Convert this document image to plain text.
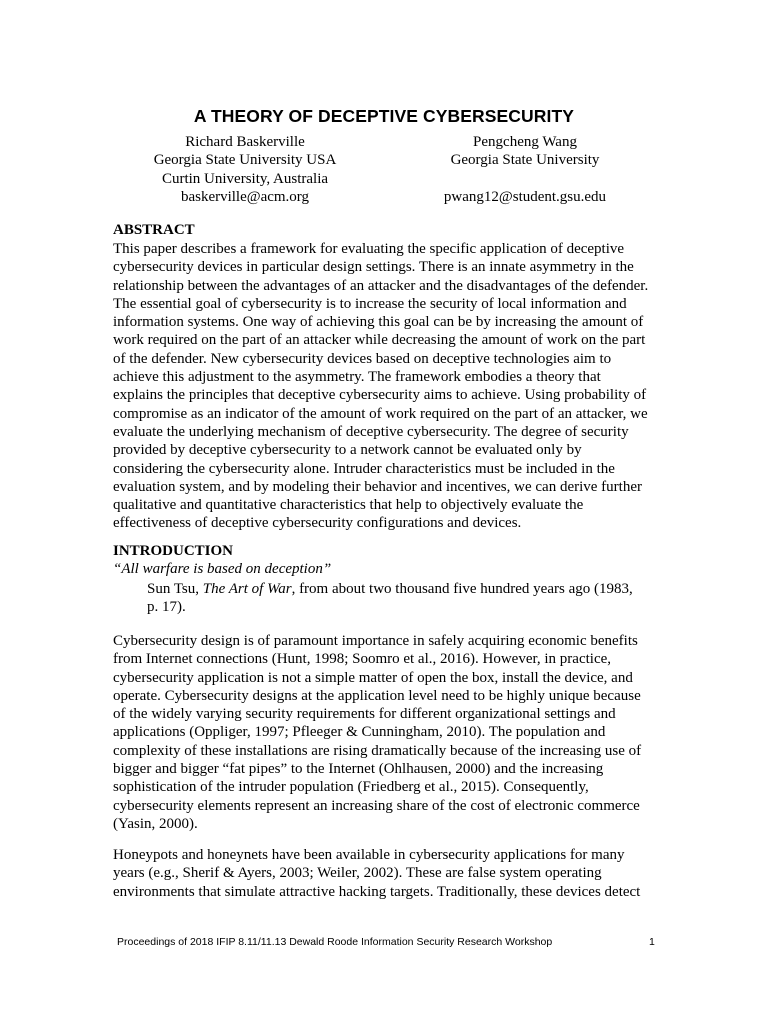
A THEORY OF DECEPTIVE CYBERSECURITY
Richard Baskerville
Georgia State University USA
Curtin University, Australia
baskerville@acm.org
Pengcheng Wang
Georgia State University

pwang12@student.gsu.edu
ABSTRACT
This paper describes a framework for evaluating the specific application of deceptive
cybersecurity devices in particular design settings. There is an innate asymmetry in the
relationship between the advantages of an attacker and the disadvantages of the defender.
The essential goal of cybersecurity is to increase the security of local information and
information systems. One way of achieving this goal can be by increasing the amount of
work required on the part of an attacker while decreasing the amount of work on the part
of the defender. New cybersecurity devices based on deceptive technologies aim to
achieve this adjustment to the asymmetry. The framework embodies a theory that
explains the principles that deceptive cybersecurity aims to achieve. Using probability of
compromise as an indicator of the amount of work required on the part of an attacker, we
evaluate the underlying mechanism of deceptive cybersecurity. The degree of security
provided by deceptive cybersecurity to a network cannot be evaluated only by
considering the cybersecurity alone. Intruder characteristics must be included in the
evaluation system, and by modeling their behavior and incentives, we can derive further
qualitative and quantitative characteristics that help to objectively evaluate the
effectiveness of deceptive cybersecurity configurations and devices.
INTRODUCTION
“All warfare is based on deception”
Sun Tsu, The Art of War, from about two thousand five hundred years ago (1983,
p. 17).
Cybersecurity design is of paramount importance in safely acquiring economic benefits
from Internet connections (Hunt, 1998; Soomro et al., 2016). However, in practice,
cybersecurity application is not a simple matter of open the box, install the device, and
operate. Cybersecurity designs at the application level need to be highly unique because
of the widely varying security requirements for different organizational settings and
applications (Oppliger, 1997; Pfleeger & Cunningham, 2010). The population and
complexity of these installations are rising dramatically because of the increasing use of
bigger and bigger “fat pipes” to the Internet (Ohlhausen, 2000) and the increasing
sophistication of the intruder population (Friedberg et al., 2015). Consequently,
cybersecurity elements represent an increasing share of the cost of electronic commerce
(Yasin, 2000).
Honeypots and honeynets have been available in cybersecurity applications for many
years (e.g., Sherif & Ayers, 2003; Weiler, 2002). These are false system operating
environments that simulate attractive hacking targets. Traditionally, these devices detect
Proceedings of 2018 IFIP 8.11/11.13 Dewald Roode Information Security Research Workshop	1
